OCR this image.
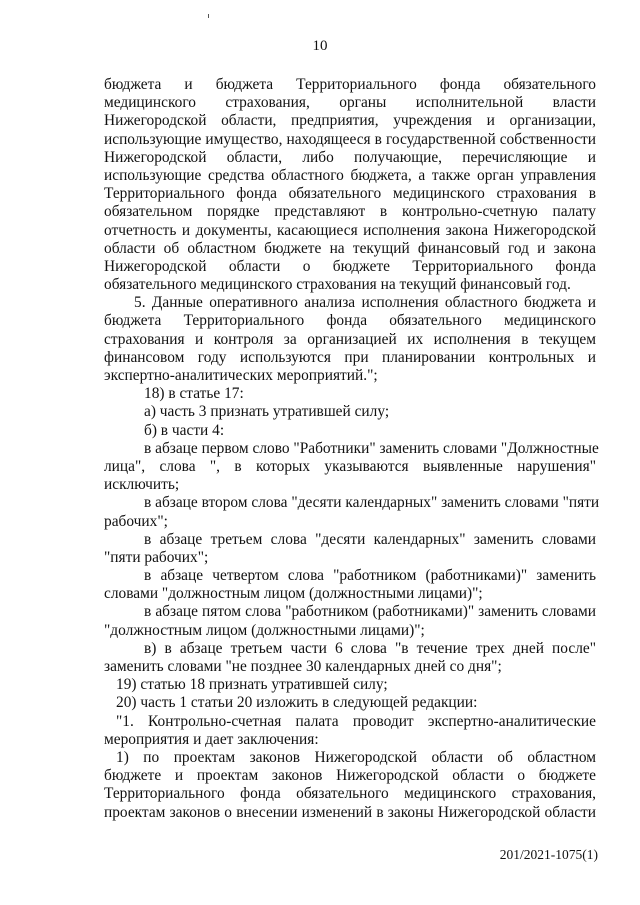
10
бюджета и бюджета Территориального фонда обязательного
медицинского страхования, органы исполнительной власти
Нижегородской области, предприятия, учреждения и организации,
использующие имущество, находящееся в государственной собственности
Нижегородской области, либо получающие, перечисляющие и
использующие средства областного бюджета, а также орган управления
Территориального фонда обязательного медицинского страхования в
обязательном порядке представляют в контрольно-счетную палату
отчетность и документы, касающиеся исполнения закона Нижегородской
области об областном бюджете на текущий финансовый год и закона
Нижегородской области о бюджете Территориального фонда
обязательного медицинского страхования на текущий финансовый год.
5. Данные оперативного анализа исполнения областного бюджета и
бюджета Территориального фонда обязательного медицинского
страхования и контроля за организацией их исполнения в текущем
финансовом году используются при планировании контрольных и
экспертно-аналитических мероприятий.";
18) в статье 17:
а) часть 3 признать утратившей силу;
б) в части 4:
в абзаце первом слово "Работники" заменить словами "Должностные
лица", слова ", в которых указываются выявленные нарушения"
исключить;
в абзаце втором слова "десяти календарных" заменить словами "пяти
рабочих";
в абзаце третьем слова "десяти календарных" заменить словами
"пяти рабочих";
в абзаце четвертом слова "работником (работниками)" заменить
словами "должностным лицом (должностными лицами)";
в абзаце пятом слова "работником (работниками)" заменить словами
"должностным лицом (должностными лицами)";
в) в абзаце третьем части 6 слова "в течение трех дней после"
заменить словами "не позднее 30 календарных дней со дня";
19) статью 18 признать утратившей силу;
20) часть 1 статьи 20 изложить в следующей редакции:
"1. Контрольно-счетная палата проводит экспертно-аналитические
мероприятия и дает заключения:
1) по проектам законов Нижегородской области об областном
бюджете и проектам законов Нижегородской области о бюджете
Территориального фонда обязательного медицинского страхования,
проектам законов о внесении изменений в законы Нижегородской области
201/2021-1075(1)
